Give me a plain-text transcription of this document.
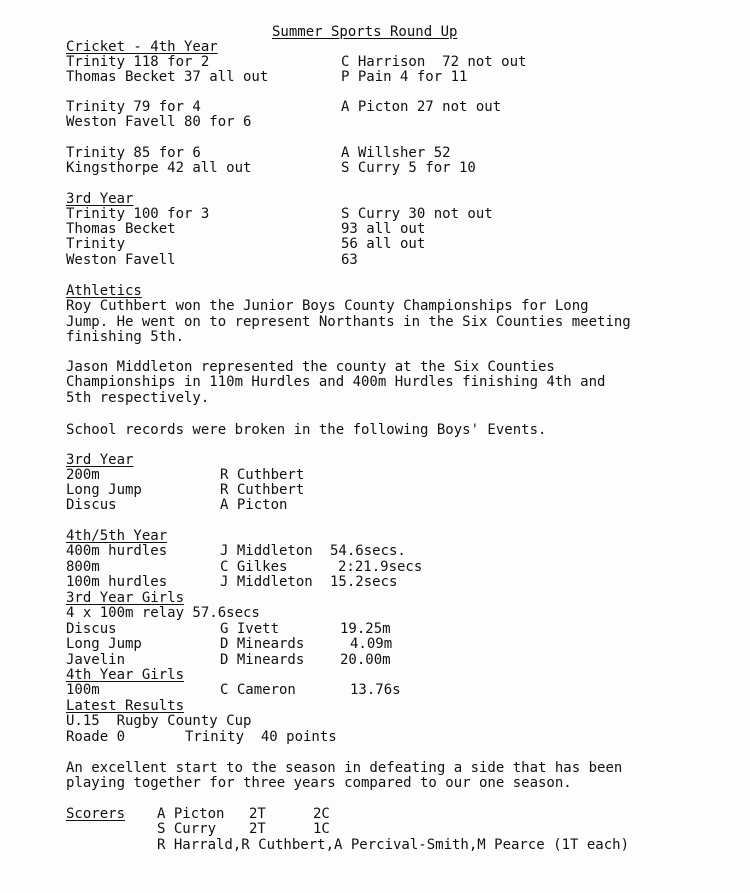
Summer Sports Round Up
Cricket - 4th Year
Trinity 118 for 2	C Harrison  72 not out
Thomas Becket 37 all out	P Pain 4 for 11
Trinity 79 for 4	A Picton 27 not out
Weston Favell 80 for 6
Trinity 85 for 6	A Willsher 52
Kingsthorpe 42 all out	S Curry 5 for 10
3rd Year
Trinity 100 for 3	S Curry 30 not out
Thomas Becket	93 all out
Trinity	56 all out
Weston Favell	63
Athletics
Roy Cuthbert won the Junior Boys County Championships for Long
Jump. He went on to represent Northants in the Six Counties meeting
finishing 5th.
Jason Middleton represented the county at the Six Counties
Championships in 110m Hurdles and 400m Hurdles finishing 4th and
5th respectively.
School records were broken in the following Boys' Events.
3rd Year
200m	R Cuthbert
Long Jump	R Cuthbert
Discus	A Picton
4th/5th Year
400m hurdles	J Middleton 54.6secs.
800m	C Gilkes	2:21.9secs
100m hurdles	J Middleton 15.2secs
3rd Year Girls
4 x 100m relay 57.6secs
Discus	G Ivett	19.25m
Long Jump	D Mineards	4.09m
Javelin	D Mineards	20.00m
4th Year Girls
100m	C Cameron	13.76s
Latest Results
U.15  Rugby County Cup
Roade 0	Trinity  40 points
An excellent start to the season in defeating a side that has been
playing together for three years compared to our one season.
Scorers A Picton 2T	2C
S Curry 2T	1C
R Harrald,R Cuthbert,A Percival-Smith,M Pearce (1T each)
